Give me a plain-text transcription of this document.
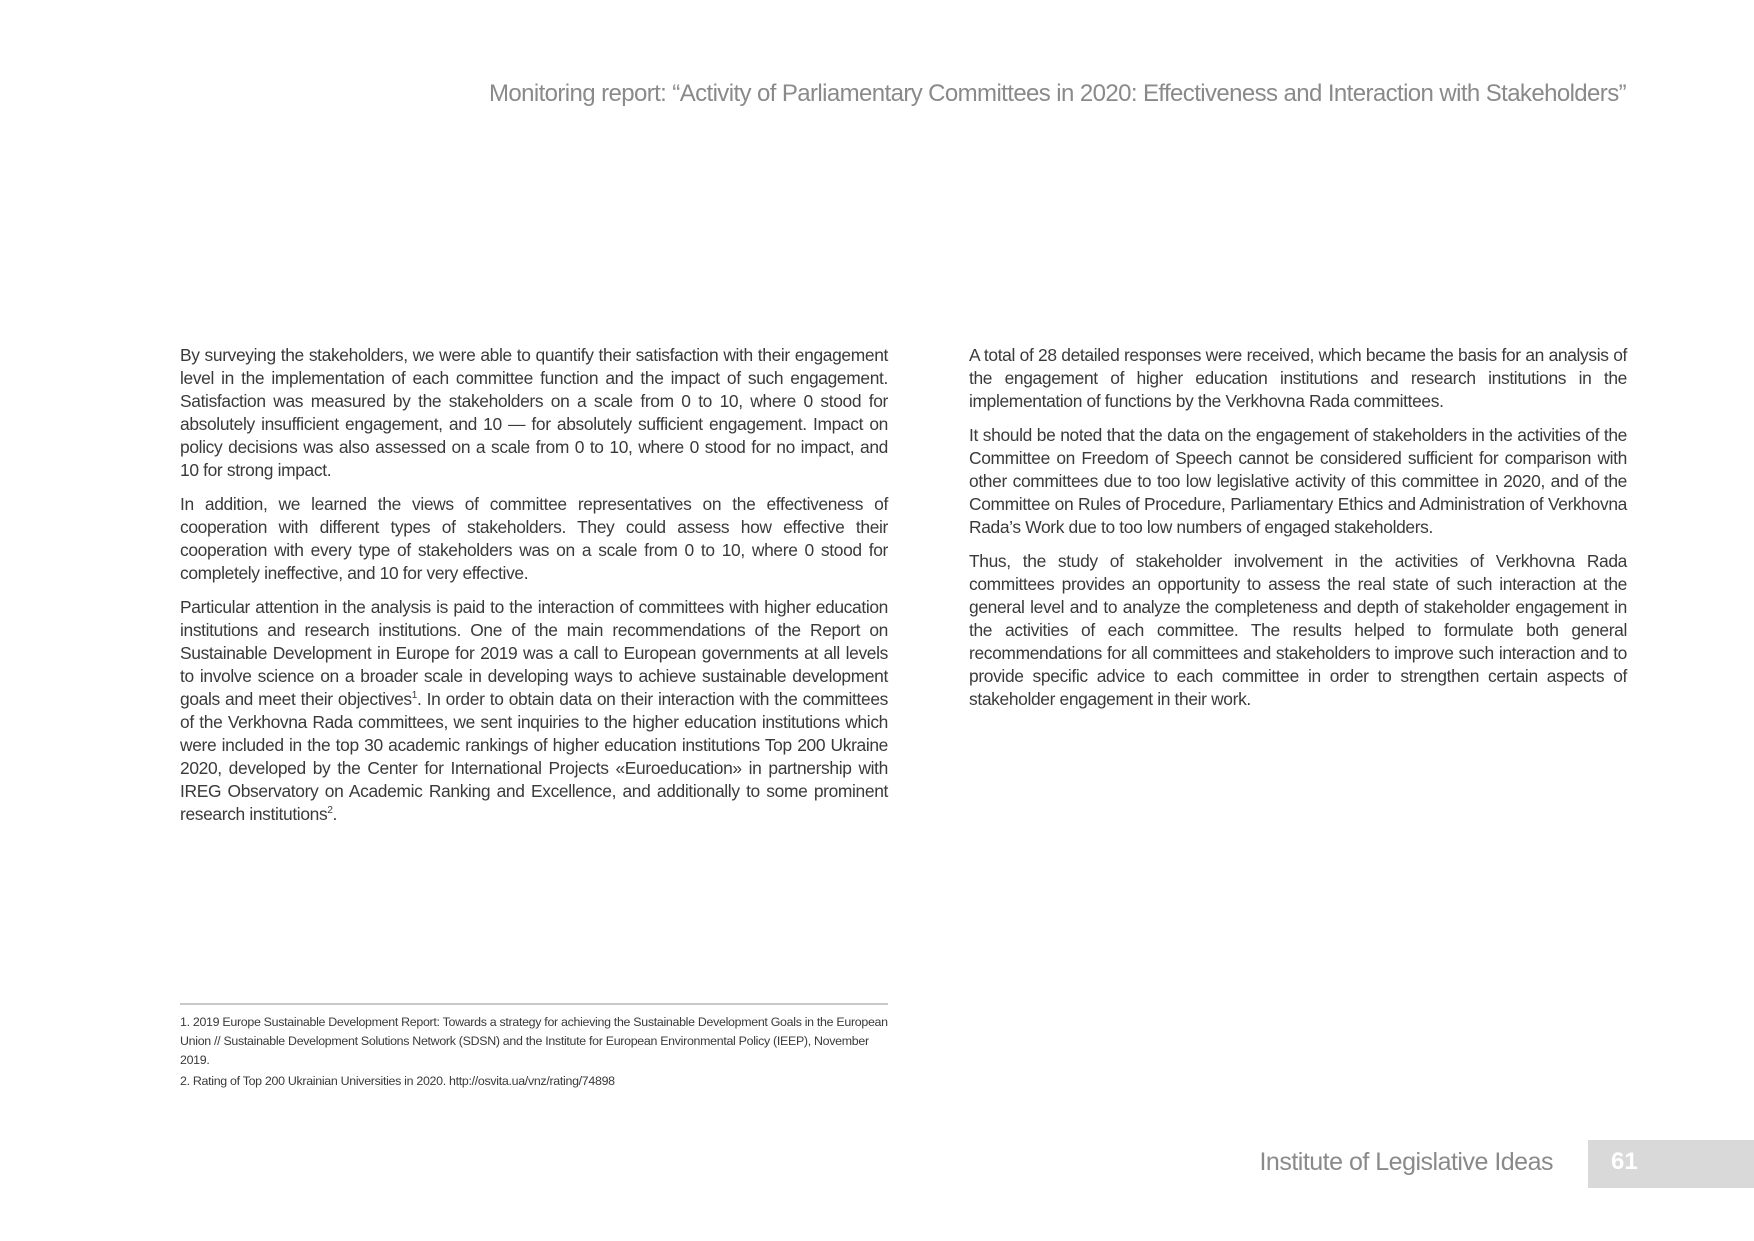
Monitoring report: “Activity of Parliamentary Committees in 2020: Effectiveness and Interaction with Stakeholders”

By surveying the stakeholders, we were able to quantify their satisfaction with their engagement level in the implementation of each committee function and the impact of such engagement. Satisfaction was measured by the stakeholders on a scale from 0 to 10, where 0 stood for absolutely insufficient engagement, and 10 — for absolutely sufficient engagement. Impact on policy decisions was also assessed on a scale from 0 to 10, where 0 stood for no impact, and 10 for strong impact.

In addition, we learned the views of committee representatives on the effectiveness of cooperation with different types of stakeholders. They could assess how effective their cooperation with every type of stakeholders was on a scale from 0 to 10, where 0 stood for completely ineffective, and 10 for very effective.

Particular attention in the analysis is paid to the interaction of committees with higher education institutions and research institutions. One of the main recommendations of the Report on Sustainable Development in Europe for 2019 was a call to European governments at all levels to involve science on a broader scale in developing ways to achieve sustainable development goals and meet their objectives$^1$. In order to obtain data on their interaction with the committees of the Verkhovna Rada committees, we sent inquiries to the higher education institutions which were included in the top 30 academic rankings of higher education institutions Top 200 Ukraine 2020, developed by the Center for International Projects «Euroeducation» in partnership with IREG Observatory on Academic Ranking and Excellence, and additionally to some prominent research institutions$^2$.

A total of 28 detailed responses were received, which became the basis for an analysis of the engagement of higher education institutions and research institutions in the implementation of functions by the Verkhovna Rada committees.

It should be noted that the data on the engagement of stakeholders in the activities of the Committee on Freedom of Speech cannot be considered sufficient for comparison with other committees due to too low legislative activity of this committee in 2020, and of the Committee on Rules of Procedure, Parliamentary Ethics and Administration of Verkhovna Rada’s Work due to too low numbers of engaged stakeholders.

Thus, the study of stakeholder involvement in the activities of Verkhovna Rada committees provides an opportunity to assess the real state of such interaction at the general level and to analyze the completeness and depth of stakeholder engagement in the activities of each committee. The results helped to formulate both general recommendations for all committees and stakeholders to improve such interaction and to provide specific advice to each committee in order to strengthen certain aspects of stakeholder engagement in their work.

1. 2019 Europe Sustainable Development Report: Towards a strategy for achieving the Sustainable Development Goals in the European Union // Sustainable Development Solutions Network (SDSN) and the Institute for European Environmental Policy (IEEP), November 2019.

2. Rating of Top 200 Ukrainian Universities in 2020. http://osvita.ua/vnz/rating/74898

Institute of Legislative Ideas 61
